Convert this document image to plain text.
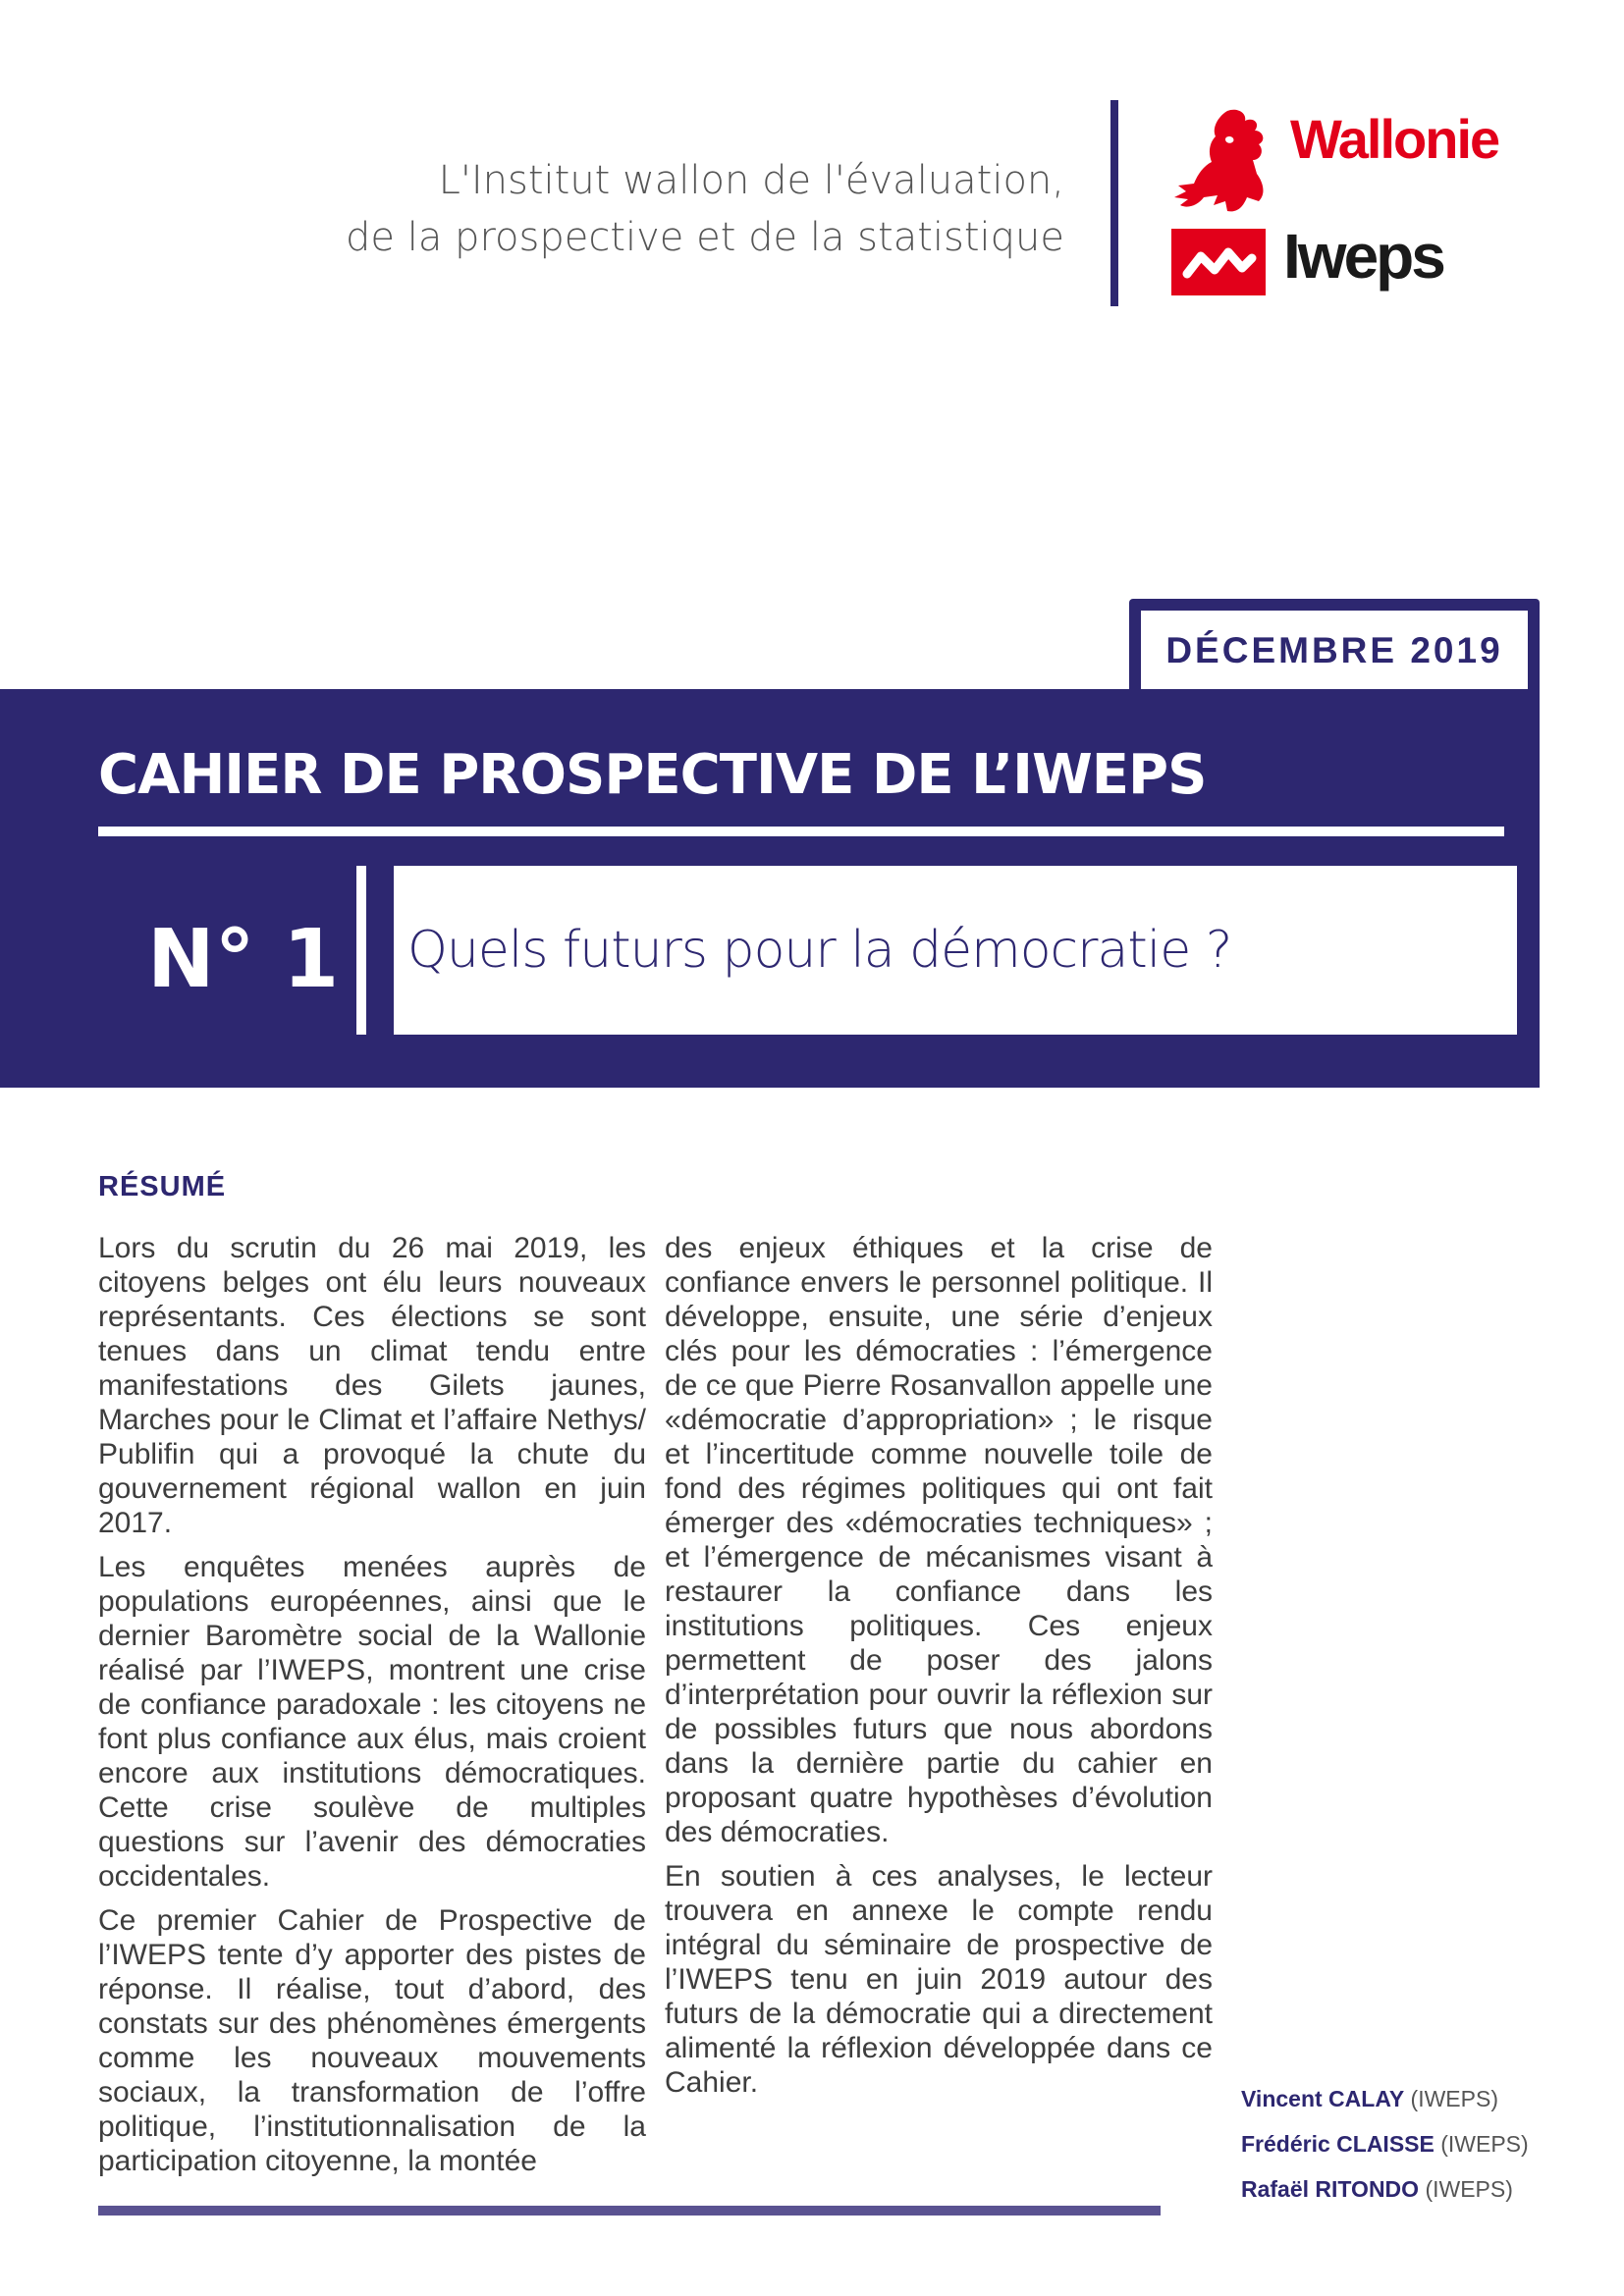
L'Institut wallon de l'évaluation,
de la prospective et de la statistique
Wallonie
Iweps
DÉCEMBRE 2019
CAHIER DE PROSPECTIVE DE L’IWEPS
N° 1 Quels futurs pour la démocratie ?
RÉSUMÉ

Lors du scrutin du 26 mai 2019, les citoyens belges ont élu leurs nouveaux représentants. Ces élections se sont tenues dans un climat tendu entre manifestations des Gilets jaunes, Marches pour le Climat et l’affaire Nethys/ Publifin qui a provoqué la chute du gouvernement régional wallon en juin 2017.

Les enquêtes menées auprès de populations européennes, ainsi que le dernier Baromètre social de la Wallonie réalisé par l’IWEPS, montrent une crise de confiance paradoxale : les citoyens ne font plus confiance aux élus, mais croient encore aux institutions démocratiques. Cette crise soulève de multiples questions sur l’avenir des démocraties occidentales.

Ce premier Cahier de Prospective de l’IWEPS tente d’y apporter des pistes de réponse. Il réalise, tout d’abord, des constats sur des phénomènes émergents comme les nouveaux mouvements sociaux, la transformation de l’offre politique, l’institutionnalisation de la participation citoyenne, la montée

des enjeux éthiques et la crise de confiance envers le personnel politique. Il développe, ensuite, une série d’enjeux clés pour les démocraties : l’émergence de ce que Pierre Rosanvallon appelle une «démocratie d’appropriation» ; le risque et l’incertitude comme nouvelle toile de fond des régimes politiques qui ont fait émerger des «démocraties techniques» ; et l’émergence de mécanismes visant à restaurer la confiance dans les institutions politiques. Ces enjeux permettent de poser des jalons d’interprétation pour ouvrir la réflexion sur de possibles futurs que nous abordons dans la dernière partie du cahier en proposant quatre hypothèses d’évolution des démocraties.

En soutien à ces analyses, le lecteur trouvera en annexe le compte rendu intégral du séminaire de prospective de l’IWEPS tenu en juin 2019 autour des futurs de la démocratie qui a directement alimenté la réflexion développée dans ce Cahier.	Vincent CALAY (IWEPS)
Frédéric CLAISSE (IWEPS)
Rafaël RITONDO (IWEPS)
